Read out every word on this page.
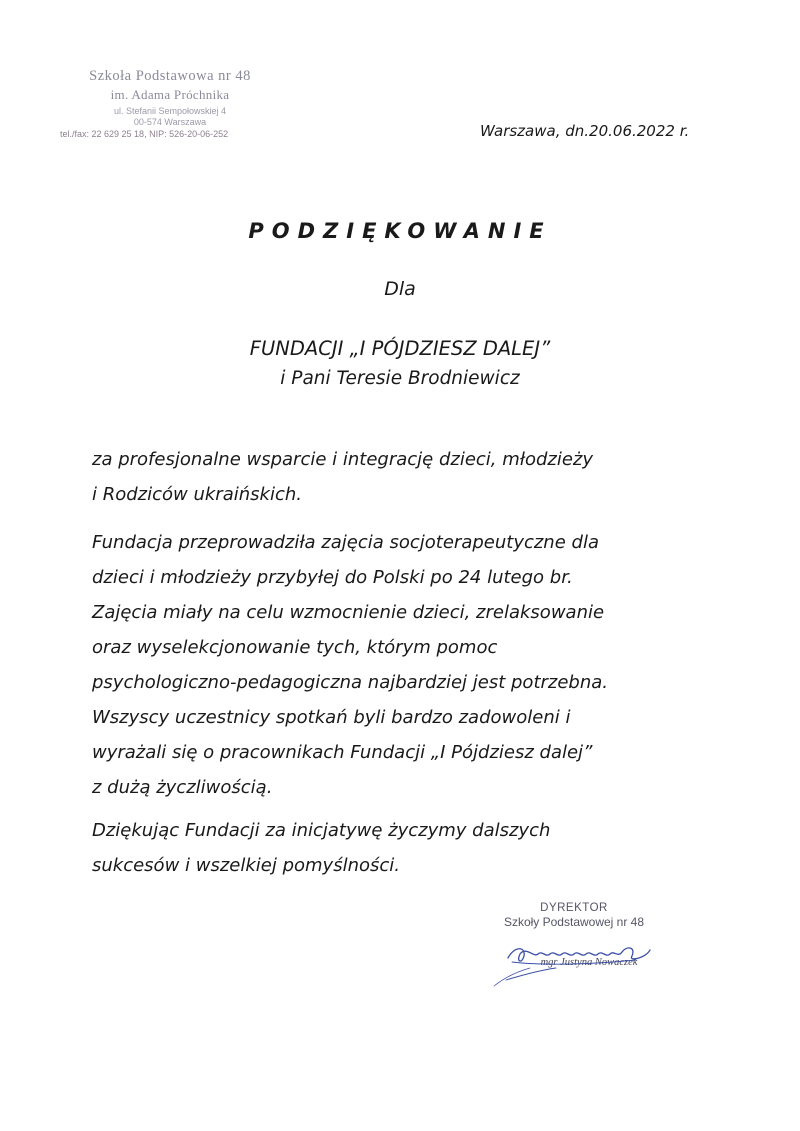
Szkoła Podstawowa nr 48
im. Adama Próchnika
ul. Stefanii Sempołowskiej 4
00-574 Warszawa
tel./fax: 22 629 25 18, NIP: 526-20-06-252	Warszawa, dn.20.06.2022 r.
PODZIĘKOWANIE
Dla
FUNDACJI „I PÓJDZIESZ DALEJ”
i Pani Teresie Brodniewicz
za profesjonalne wsparcie i integrację dzieci, młodzieży
i Rodziców ukraińskich.
Fundacja przeprowadziła zajęcia socjoterapeutyczne dla
dzieci i młodzieży przybyłej do Polski po 24 lutego br.
Zajęcia miały na celu wzmocnienie dzieci, zrelaksowanie
oraz wyselekcjonowanie tych, którym pomoc
psychologiczno-pedagogiczna najbardziej jest potrzebna.
Wszyscy uczestnicy spotkań byli bardzo zadowoleni i
wyrażali się o pracownikach Fundacji „I Pójdziesz dalej”
z dużą życzliwością.
Dziękując Fundacji za inicjatywę życzymy dalszych
sukcesów i wszelkiej pomyślności.
DYREKTOR
Szkoły Podstawowej nr 48
mgr Justyna Nowaczek
